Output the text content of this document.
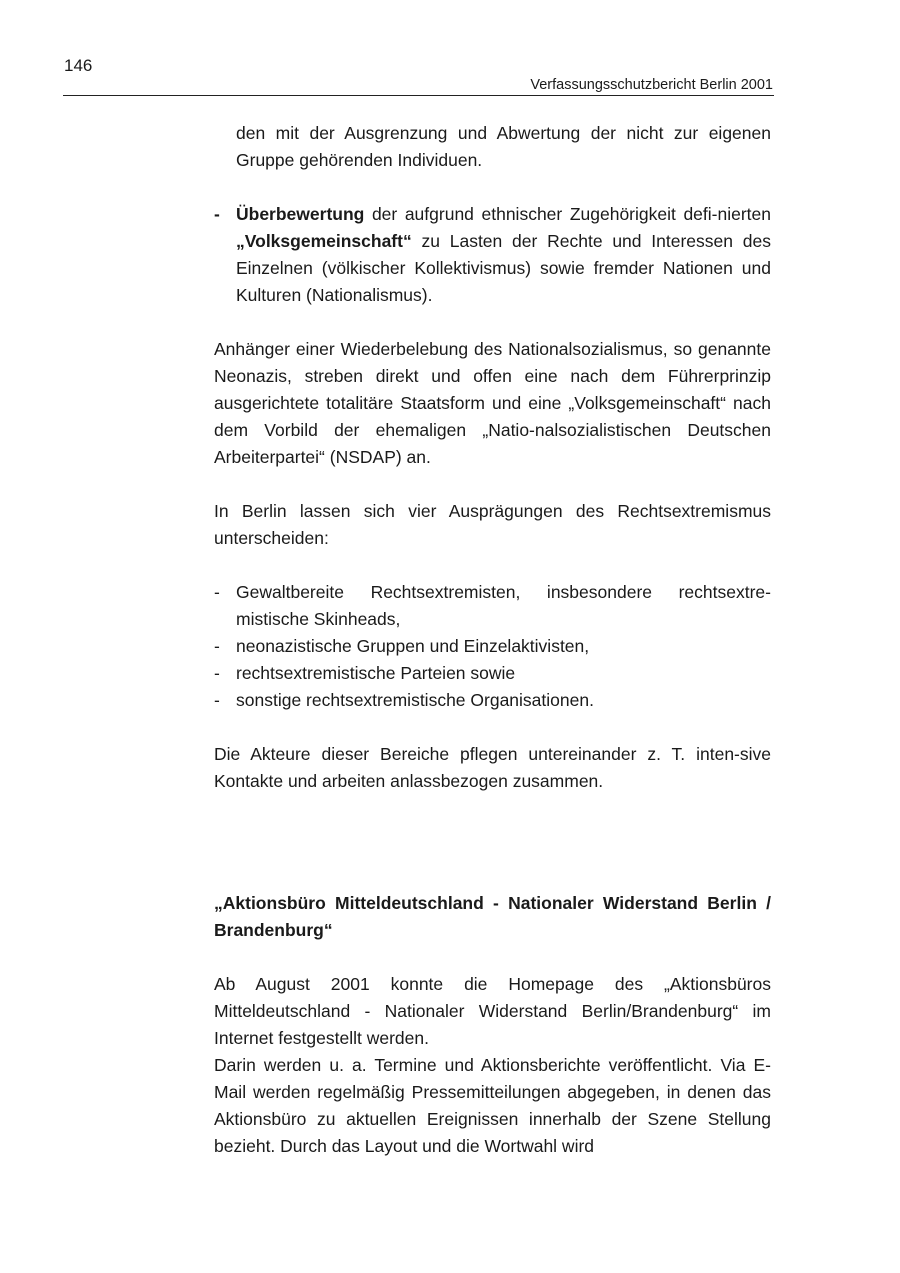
146
Verfassungsschutzbericht Berlin 2001

den mit der Ausgrenzung und Abwertung der nicht zur eigenen Gruppe gehörenden Individuen.

- Überbewertung der aufgrund ethnischer Zugehörigkeit defi-nierten „Volksgemeinschaft“ zu Lasten der Rechte und Interessen des Einzelnen (völkischer Kollektivismus) sowie fremder Nationen und Kulturen (Nationalismus).

Anhänger einer Wiederbelebung des Nationalsozialismus, so genannte Neonazis, streben direkt und offen eine nach dem Führerprinzip ausgerichtete totalitäre Staatsform und eine „Volksgemeinschaft“ nach dem Vorbild der ehemaligen „Natio-nalsozialistischen Deutschen Arbeiterpartei“ (NSDAP) an.

In Berlin lassen sich vier Ausprägungen des Rechtsextremismus unterscheiden:

- Gewaltbereite Rechtsextremisten, insbesondere rechtsextre-mistische Skinheads,

- neonazistische Gruppen und Einzelaktivisten,

- rechtsextremistische Parteien sowie

- sonstige rechtsextremistische Organisationen.

Die Akteure dieser Bereiche pflegen untereinander z. T. inten-sive Kontakte und arbeiten anlassbezogen zusammen.

„Aktionsbüro Mitteldeutschland - Nationaler Widerstand Berlin / Brandenburg“

Ab August 2001 konnte die Homepage des „Aktionsbüros Mitteldeutschland - Nationaler Widerstand Berlin/Brandenburg“ im Internet festgestellt werden.

Darin werden u. a. Termine und Aktionsberichte veröffentlicht. Via E-Mail werden regelmäßig Pressemitteilungen abgegeben, in denen das Aktionsbüro zu aktuellen Ereignissen innerhalb der Szene Stellung bezieht. Durch das Layout und die Wortwahl wird
